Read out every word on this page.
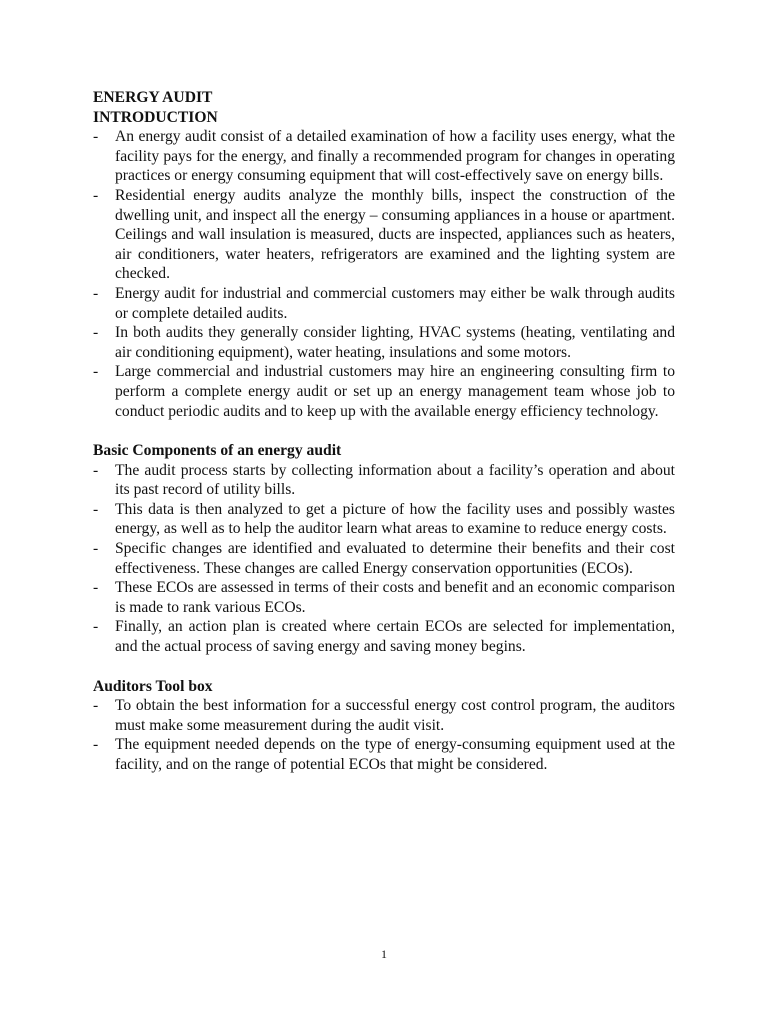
ENERGY AUDIT

INTRODUCTION

- An energy audit consist of a detailed examination of how a facility uses energy, what the facility pays for the energy, and finally a recommended program for changes in operating practices or energy consuming equipment that will cost-effectively save on energy bills.
- Residential energy audits analyze the monthly bills, inspect the construction of the dwelling unit, and inspect all the energy – consuming appliances in a house or apartment. Ceilings and wall insulation is measured, ducts are inspected, appliances such as heaters, air conditioners, water heaters, refrigerators are examined and the lighting system are checked.
- Energy audit for industrial and commercial customers may either be walk through audits or complete detailed audits.
- In both audits they generally consider lighting, HVAC systems (heating, ventilating and air conditioning equipment), water heating, insulations and some motors.
- Large commercial and industrial customers may hire an engineering consulting firm to perform a complete energy audit or set up an energy management team whose job to conduct periodic audits and to keep up with the available energy efficiency technology.

Basic Components of an energy audit

- The audit process starts by collecting information about a facility’s operation and about its past record of utility bills.
- This data is then analyzed to get a picture of how the facility uses and possibly wastes energy, as well as to help the auditor learn what areas to examine to reduce energy costs.
- Specific changes are identified and evaluated to determine their benefits and their cost effectiveness. These changes are called Energy conservation opportunities (ECOs).
- These ECOs are assessed in terms of their costs and benefit and an economic comparison is made to rank various ECOs.
- Finally, an action plan is created where certain ECOs are selected for implementation, and the actual process of saving energy and saving money begins.

Auditors Tool box

- To obtain the best information for a successful energy cost control program, the auditors must make some measurement during the audit visit.
- The equipment needed depends on the type of energy-consuming equipment used at the facility, and on the range of potential ECOs that might be considered.
1
